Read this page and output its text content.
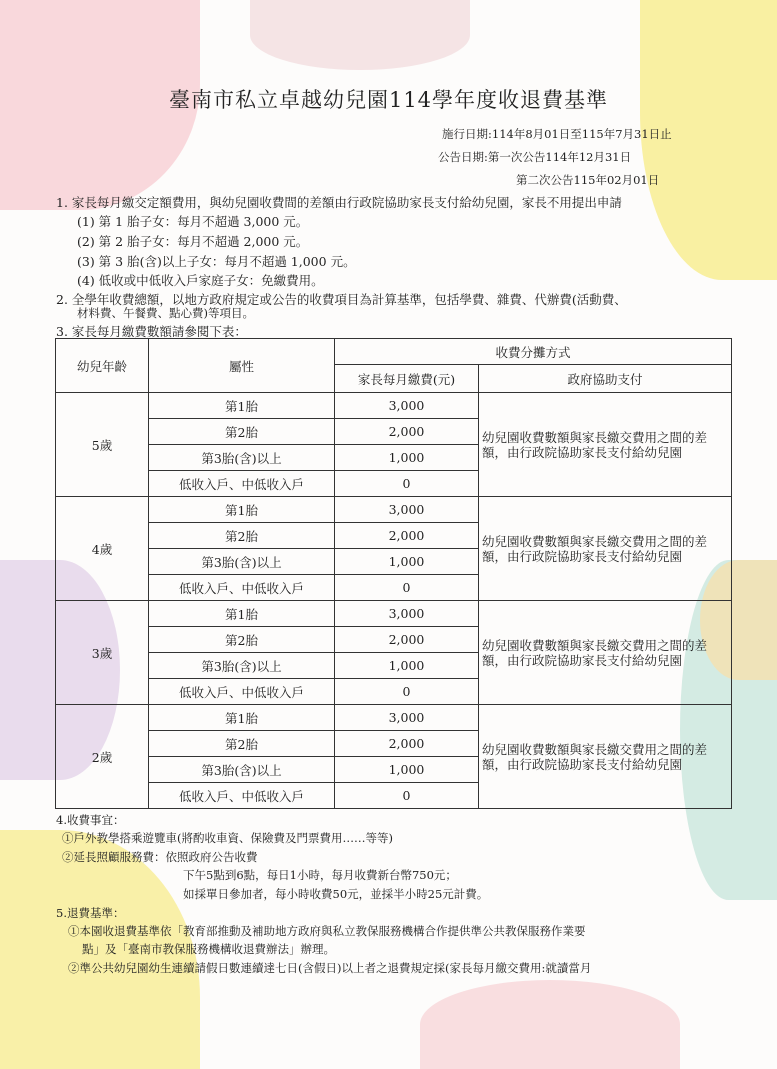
臺南市私立卓越幼兒園114學年度收退費基準
施行日期:114年8月01日至115年7月31日止
公告日期:第一次公告114年12月31日
第二次公告115年02月01日
1. 家長每月繳交定額費用，與幼兒園收費間的差額由行政院協助家長支付給幼兒園，家長不用提出申請
(1) 第 1 胎子女：每月不超過 3,000 元。
(2) 第 2 胎子女：每月不超過 2,000 元。
(3) 第 3 胎(含)以上子女：每月不超過 1,000 元。
(4) 低收或中低收入戶家庭子女：免繳費用。
2. 全學年收費總額，以地方政府規定或公告的收費項目為計算基準，包括學費、雜費、代辦費(活動費、
材料費、午餐費、點心費)等項目。
3. 家長每月繳費數額請參閱下表：
幼兒年齡	屬性	收費分攤方式	
		家長每月繳費(元)	政府協助支付
5歲	第1胎	3,000	幼兒園收費數額與家長繳交費用之間的差額，由行政院協助家長支付給幼兒園
	第2胎	2,000	
	第3胎(含)以上	1,000	
	低收入戶、中低收入戶	0	
4歲	第1胎	3,000	幼兒園收費數額與家長繳交費用之間的差額，由行政院協助家長支付給幼兒園
	第2胎	2,000	
	第3胎(含)以上	1,000	
	低收入戶、中低收入戶	0	
3歲	第1胎	3,000	幼兒園收費數額與家長繳交費用之間的差額，由行政院協助家長支付給幼兒園
	第2胎	2,000	
	第3胎(含)以上	1,000	
	低收入戶、中低收入戶	0	
2歲	第1胎	3,000	幼兒園收費數額與家長繳交費用之間的差額，由行政院協助家長支付給幼兒園
	第2胎	2,000	
	第3胎(含)以上	1,000	
	低收入戶、中低收入戶	0	
4.收費事宜：
①戶外教學搭乘遊覽車(將酌收車資、保險費及門票費用……等等)
②延長照顧服務費：依照政府公告收費
下午5點到6點，每日1小時，每月收費新台幣750元；
如採單日參加者，每小時收費50元，並採半小時25元計費。
5.退費基準：
①本園收退費基準依「教育部推動及補助地方政府與私立教保服務機構合作提供準公共教保服務作業要
點」及「臺南市教保服務機構收退費辦法」辦理。
②準公共幼兒園幼生連續請假日數連續達七日(含假日)以上者之退費規定採(家長每月繳交費用:就讀當月
